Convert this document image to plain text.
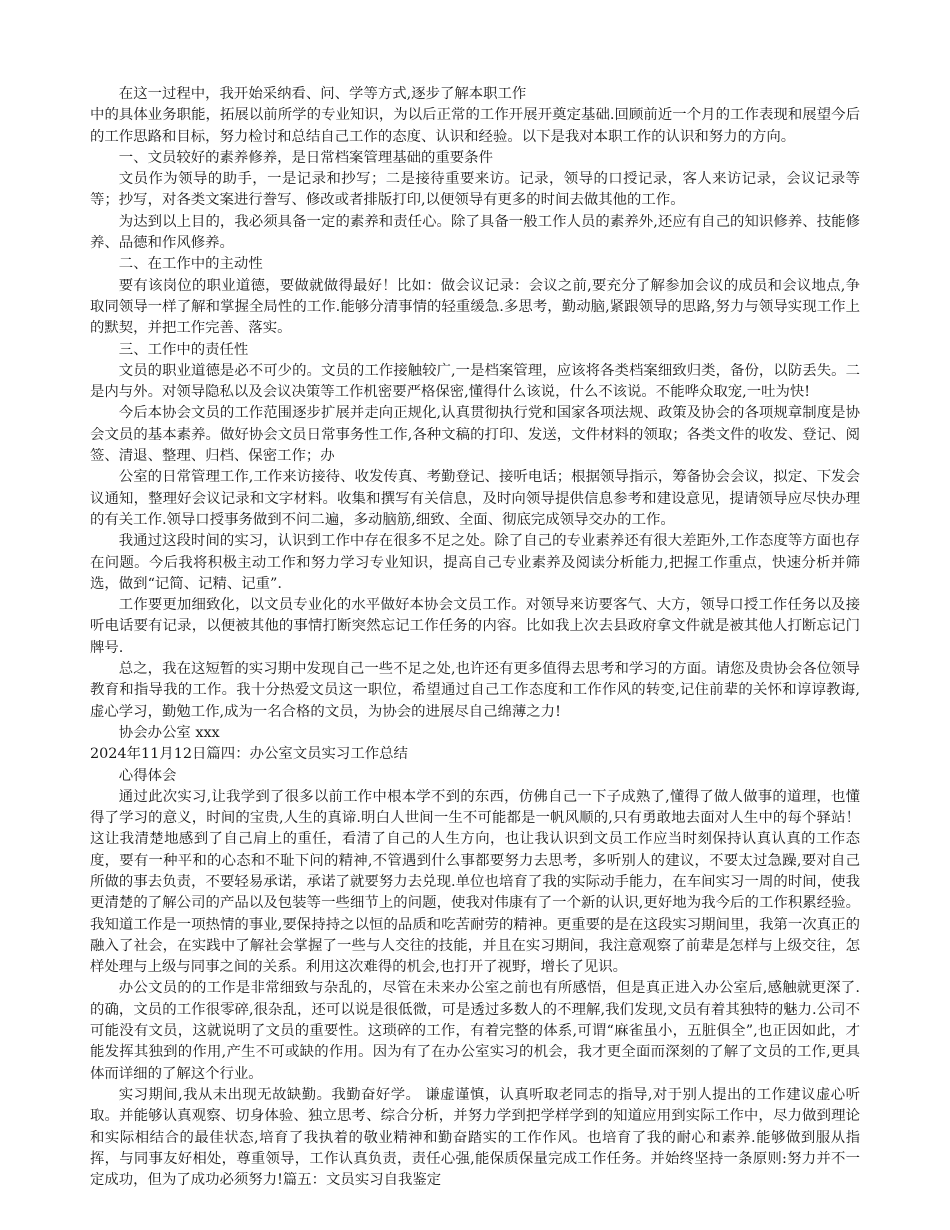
在这一过程中，我开始采纳看、问、学等方式,逐步了解本职工作

中的具体业务职能，拓展以前所学的专业知识，为以后正常的工作开展开奠定基础.回顾前近一个月的工作表现和展望今后的工作思路和目标，努力检讨和总结自己工作的态度、认识和经验。以下是我对本职工作的认识和努力的方向。

一、文员较好的素养修养，是日常档案管理基础的重要条件

文员作为领导的助手，一是记录和抄写；二是接待重要来访。记录，领导的口授记录，客人来访记录，会议记录等等；抄写，对各类文案进行誊写、修改或者排版打印,以便领导有更多的时间去做其他的工作。

为达到以上目的，我必须具备一定的素养和责任心。除了具备一般工作人员的素养外,还应有自己的知识修养、技能修养、品德和作风修养。

二、在工作中的主动性

要有该岗位的职业道德，要做就做得最好！比如：做会议记录：会议之前,要充分了解参加会议的成员和会议地点,争取同领导一样了解和掌握全局性的工作.能够分清事情的轻重缓急.多思考，勤动脑,紧跟领导的思路,努力与领导实现工作上的默契，并把工作完善、落实。

三、工作中的责任性

文员的职业道德是必不可少的。文员的工作接触较广,一是档案管理，应该将各类档案细致归类，备份，以防丢失。二是内与外。对领导隐私以及会议决策等工作机密要严格保密,懂得什么该说，什么不该说。不能哗众取宠,一吐为快!

今后本协会文员的工作范围逐步扩展并走向正规化,认真贯彻执行党和国家各项法规、政策及协会的各项规章制度是协会文员的基本素养。做好协会文员日常事务性工作,各种文稿的打印、发送，文件材料的领取；各类文件的收发、登记、阅签、清退、整理、归档、保密工作；办

公室的日常管理工作,工作来访接待、收发传真、考勤登记、接听电话；根据领导指示，筹备协会会议，拟定、下发会议通知，整理好会议记录和文字材料。收集和撰写有关信息，及时向领导提供信息参考和建设意见，提请领导应尽快办理的有关工作.领导口授事务做到不问二遍，多动脑筋,细致、全面、彻底完成领导交办的工作。

我通过这段时间的实习，认识到工作中存在很多不足之处。除了自己的专业素养还有很大差距外,工作态度等方面也存在问题。今后我将积极主动工作和努力学习专业知识，提高自己专业素养及阅读分析能力,把握工作重点，快速分析并筛选，做到“记简、记精、记重”.

工作要更加细致化，以文员专业化的水平做好本协会文员工作。对领导来访要客气、大方，领导口授工作任务以及接听电话要有记录，以便被其他的事情打断突然忘记工作任务的内容。比如我上次去县政府拿文件就是被其他人打断忘记门牌号.

总之，我在这短暂的实习期中发现自己一些不足之处,也许还有更多值得去思考和学习的方面。请您及贵协会各位领导教育和指导我的工作。我十分热爱文员这一职位，希望通过自己工作态度和工作作风的转变,记住前辈的关怀和谆谆教诲,虚心学习，勤勉工作,成为一名合格的文员，为协会的进展尽自己绵薄之力!

协会办公室 xxx

2024年11月12日篇四：办公室文员实习工作总结

心得体会

通过此次实习,让我学到了很多以前工作中根本学不到的东西，仿佛自己一下子成熟了,懂得了做人做事的道理，也懂得了学习的意义，时间的宝贵,人生的真谛.明白人世间一生不可能都是一帆风顺的,只有勇敢地去面对人生中的每个驿站！这让我清楚地感到了自己肩上的重任，看清了自己的人生方向，也让我认识到文员工作应当时刻保持认真认真的工作态度，要有一种平和的心态和不耻下问的精神,不管遇到什么事都要努力去思考，多听别人的建议，不要太过急躁,要对自己所做的事去负责，不要轻易承诺，承诺了就要努力去兑现.单位也培育了我的实际动手能力，在车间实习一周的时间，使我更清楚的了解公司的产品以及包装等一些细节上的问题，使我对伟康有了一个新的认识,更好地为我今后的工作积累经验。我知道工作是一项热情的事业,要保持持之以恒的品质和吃苦耐劳的精神。更重要的是在这段实习期间里，我第一次真正的融入了社会，在实践中了解社会掌握了一些与人交往的技能，并且在实习期间，我注意观察了前辈是怎样与上级交往，怎样处理与上级与同事之间的关系。利用这次难得的机会,也打开了视野，增长了见识。

办公文员的的工作是非常细致与杂乱的，尽管在未来办公室之前也有所感悟，但是真正进入办公室后,感触就更深了.的确，文员的工作很零碎,很杂乱，还可以说是很低微，可是透过多数人的不理解,我们发现,文员有着其独特的魅力.公司不可能没有文员，这就说明了文员的重要性。这琐碎的工作，有着完整的体系,可谓“麻雀虽小，五脏俱全”,也正因如此，才能发挥其独到的作用,产生不可或缺的作用。因为有了在办公室实习的机会，我才更全面而深刻的了解了文员的工作,更具体而详细的了解这个行业。

实习期间,我从未出现无故缺勤。我勤奋好学。 谦虚谨慎，认真听取老同志的指导,对于别人提出的工作建议虚心听取。并能够认真观察、切身体验、独立思考、综合分析，并努力学到把学样学到的知道应用到实际工作中，尽力做到理论和实际相结合的最佳状态,培育了我执着的敬业精神和勤奋踏实的工作作风。也培育了我的耐心和素养.能够做到服从指挥，与同事友好相处，尊重领导，工作认真负责，责任心强,能保质保量完成工作任务。并始终坚持一条原则:努力并不一定成功，但为了成功必须努力!篇五：文员实习自我鉴定
